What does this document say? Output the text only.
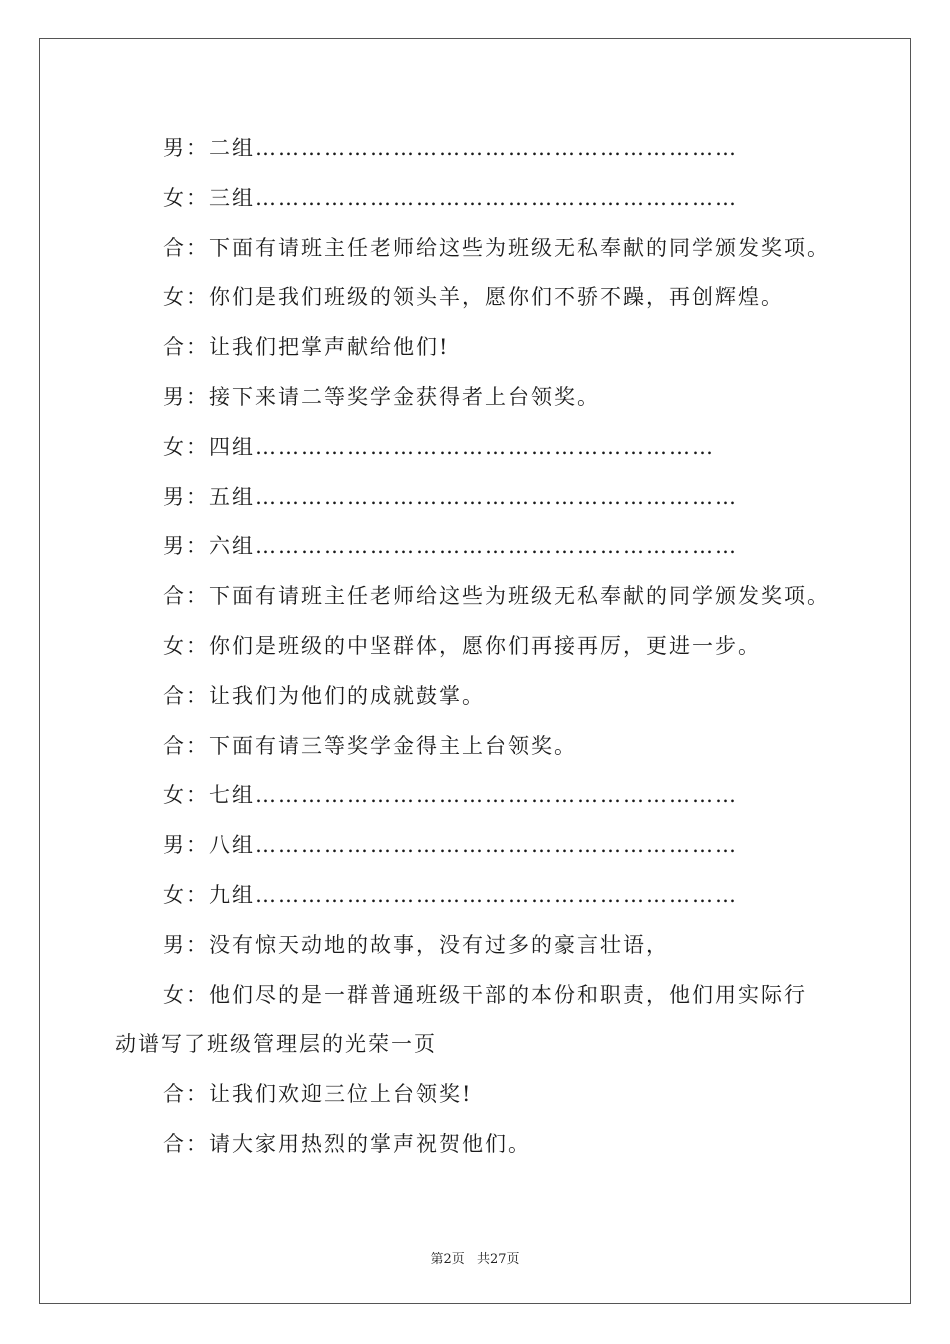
男：二组………………………………………………………
女：三组………………………………………………………
合：下面有请班主任老师给这些为班级无私奉献的同学颁发奖项。
女：你们是我们班级的领头羊，愿你们不骄不躁，再创辉煌。
合：让我们把掌声献给他们!
男：接下来请二等奖学金获得者上台领奖。
女：四组……………………………………………………
男：五组………………………………………………………
男：六组………………………………………………………
合：下面有请班主任老师给这些为班级无私奉献的同学颁发奖项。
女：你们是班级的中坚群体，愿你们再接再厉，更进一步。
合：让我们为他们的成就鼓掌。
合：下面有请三等奖学金得主上台领奖。
女：七组………………………………………………………
男：八组………………………………………………………
女：九组………………………………………………………
男：没有惊天动地的故事，没有过多的豪言壮语，
女：他们尽的是一群普通班级干部的本份和职责，他们用实际行
动谱写了班级管理层的光荣一页
合：让我们欢迎三位上台领奖!
合：请大家用热烈的掌声祝贺他们。
第2页 共27页
